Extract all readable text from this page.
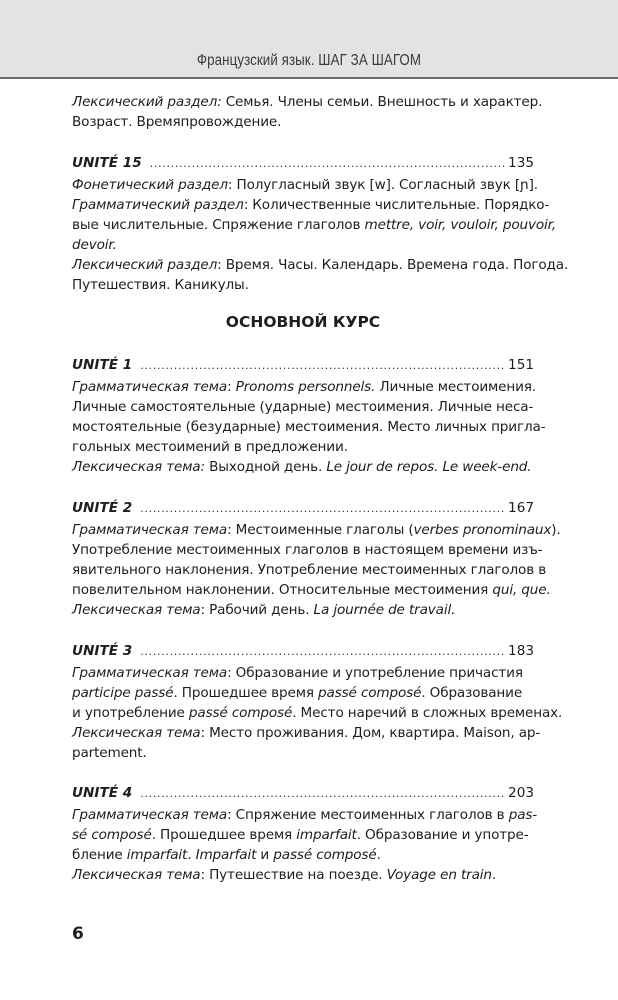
Французский язык. ШАГ ЗА ШАГОМ
Лексический раздел: Семья. Члены семьи. Внешность и характер.
Возраст. Времяпровождение.
UNITÉ 15 . . .	135
Фонетический раздел: Полугласный звук [w]. Согласный звук [ɲ].
Грамматический раздел: Количественные числительные. Порядко-
вые числительные. Спряжение глаголов mettre, voir, vouloir, pouvoir,
devoir.
Лексический раздел: Время. Часы. Календарь. Времена года. Погода.
Путешествия. Каникулы.
ОСНОВНОЙ КУРС
UNITÉ 1 . . .	151
Грамматическая тема: Pronoms personnels. Личные местоимения.
Личные самостоятельные (ударные) местоимения. Личные неса-
мостоятельные (безударные) местоимения. Место личных пригла-
гольных местоимений в предложении.
Лексическая тема: Выходной день. Le jour de repos. Le week-end.
UNITÉ 2 . . .	167
Грамматическая тема: Местоименные глаголы (verbes pronominaux).
Употребление местоименных глаголов в настоящем времени изъ-
явительного наклонения. Употребление местоименных глаголов в
повелительном наклонении. Относительные местоимения qui, que.
Лексическая тема: Рабочий день. La journée de travail.
UNITÉ 3 . . .	183
Грамматическая тема: Образование и употребление причастия
participe passé. Прошедшее время passé composé. Образование
и употребление passé composé. Место наречий в сложных временах.
Лексическая тема: Место проживания. Дом, квартира. Maison, ap-
partement.
UNITÉ 4 . . .	203
Грамматическая тема: Спряжение местоименных глаголов в pas-
sé composé. Прошедшее время imparfait. Образование и употре-
бление imparfait. Imparfait и passé composé.
Лексическая тема: Путешествие на поезде. Voyage en train.
6
